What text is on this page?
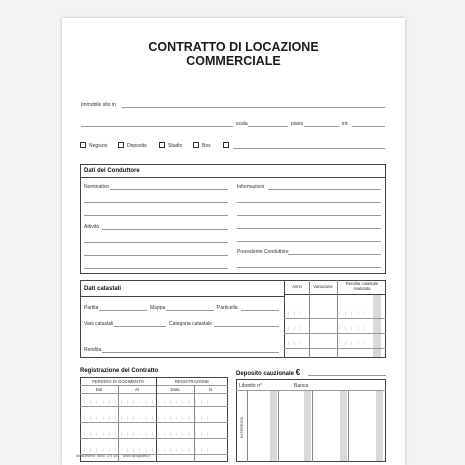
CONTRATTO DI LOCAZIONE
COMMERCIALE
Immobile sito in
scala	piano	int.
Negozio	Deposito	Studio	Box
Dati del Conduttore
Nominativo	Informazioni
Attività
Precedente Conduttore
Dati catastali
Partita	Mappa	Particella
Vani catastali	Categoria catastale
Rendita
Anno	Variazione
Rendita catastale
rivalutata
| | |
| | |
| | |
| | | | |
| | | | |
| | | | |
Registrazione del Contratto
PERIODO DI GODIMENTO	REGISTRAZIONE
Dal	Al	Data	N.
| | | | | | | | | | | | | | | | | | | | |
| | | | | | | | | | | | | | | | | | | | |
| | | | | | | | | | | | | | | | | | | | |
| | | | | | | | | | | | | | | | | | | | |
Deposito cauzionale €
Libretto n°	Banca
INTERESSI
Modulistica Mod. CR 451 www.tipografia.it
